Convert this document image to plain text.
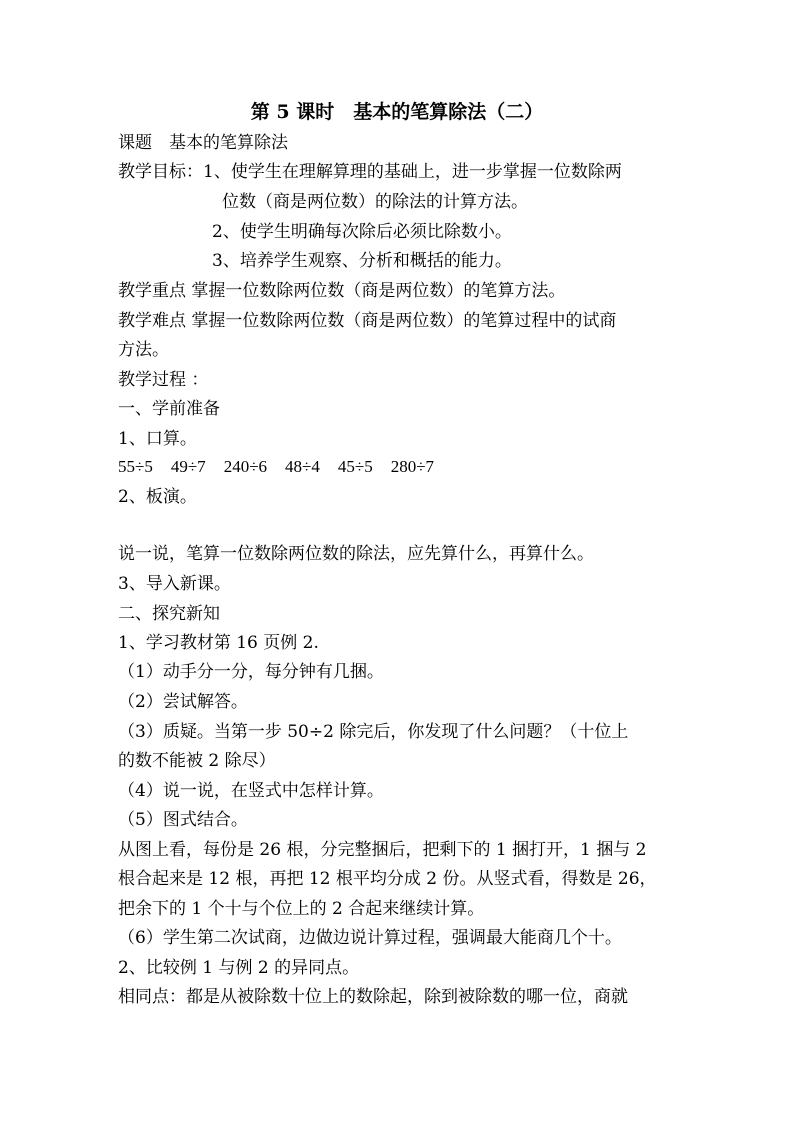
第 5 课时　基本的笔算除法（二）
课题　基本的笔算除法
教学目标：1、使学生在理解算理的基础上，进一步掌握一位数除两
位数（商是两位数）的除法的计算方法。
2、使学生明确每次除后必须比除数小。
3、培养学生观察、分析和概括的能力。
教学重点 掌握一位数除两位数（商是两位数）的笔算方法。
教学难点 掌握一位数除两位数（商是两位数）的笔算过程中的试商
方法。
教学过程 ：
一、学前准备
1、口算。
55÷5 49÷7 240÷6 48÷4 45÷5 280÷7
2、板演。
说一说，笔算一位数除两位数的除法，应先算什么，再算什么。
3、导入新课。
二、探究新知
1、学习教材第 16 页例 2.
（1）动手分一分，每分钟有几捆。
（2）尝试解答。
（3）质疑。当第一步 50÷2 除完后，你发现了什么问题？（十位上
的数不能被 2 除尽）
（4）说一说，在竖式中怎样计算。
（5）图式结合。
从图上看，每份是 26 根，分完整捆后，把剩下的 1 捆打开，1 捆与 2
根合起来是 12 根，再把 12 根平均分成 2 份。从竖式看，得数是 26，
把余下的 1 个十与个位上的 2 合起来继续计算。
（6）学生第二次试商，边做边说计算过程，强调最大能商几个十。
2、比较例 1 与例 2 的异同点。
相同点：都是从被除数十位上的数除起，除到被除数的哪一位，商就
